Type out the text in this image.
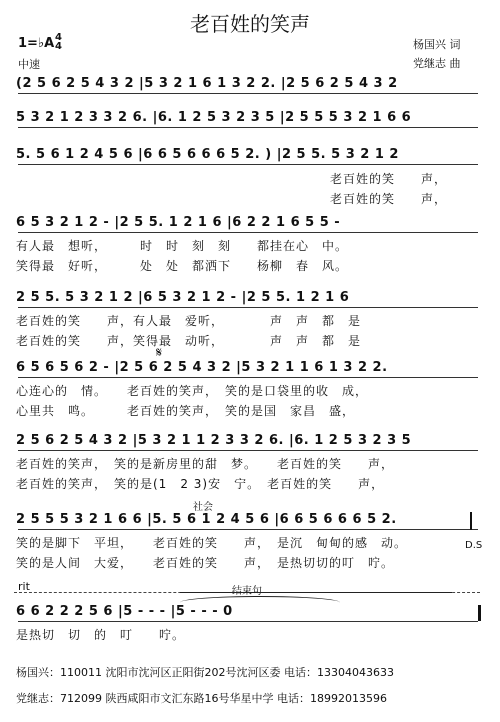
老百姓的笑声
1=♭A 4
4
中速
杨国兴 词
党继志 曲
(2 5 6 2 5 4 3 2 |5 3 2 1 6 1 3 2 2. |2 5 6 2 5 4 3 2
5 3 2 1 2 3 3 2 6. |6. 1 2 5 3 2 3 5 |2 5 5 5 3 2 1 6 6
5. 5 6 1 2 4 5 6 |6 6 5 6 6 6 5 2. ) |2 5 5. 5 3 2 1 2
老百姓的笑　　声，
老百姓的笑　　声，
6 5 3 2 1 2 - |2 5 5. 1 2 1 6 |6 2 2 1 6 5 5 -
有人最　想听，　　　时　时　刻　刻　　都挂在心　中。
笑得最　好听，　　　处　处　都洒下　　杨柳　春　风。
2 5 5. 5 3 2 1 2 |6 5 3 2 1 2 - |2 5 5. 1 2 1 6
老百姓的笑　　声，有人最　爱听，　　　　声　声　都　是
老百姓的笑　　声，笑得最　动听，　　　　声　声　都　是
6 5 6 5 6 2 - |2 5 6 2 5 4 3 2 |5 3 2 1 1 6 1 3 2 2.
心连心的　情。　　老百姓的笑声，　笑的是口袋里的收　成，
心里共　鸣。　　　老百姓的笑声，　笑的是国　家昌　盛，
2 5 6 2 5 4 3 2 |5 3 2 1 1 2 3 3 2 6. |6. 1 2 5 3 2 3 5
老百姓的笑声，　笑的是新房里的甜　梦。　　老百姓的笑　　声，
老百姓的笑声，　笑的是(1　2 3)安　宁。　老百姓的笑　　声，
2 5 5 5 3 2 1 6 6 |5. 5 6 1 2 4 5 6 |6 6 5 6 6 6 5 2.
笑的是脚下　平坦，　　老百姓的笑　　声，　是沉　甸甸的感　动。
笑的是人间　大爱，　　老百姓的笑　　声，　是热切切的叮　咛。
6 6 2 2 2 5 6 |5 - - - |5 - - - 0
是热切　切　的　叮　　咛。
𝄋
社会
D.S
rit	结束句
杨国兴：110011 沈阳市沈河区正阳街202号沈河区委 电话：13304043633
党继志：712099 陕西咸阳市文汇东路16号华星中学 电话：18992013596
